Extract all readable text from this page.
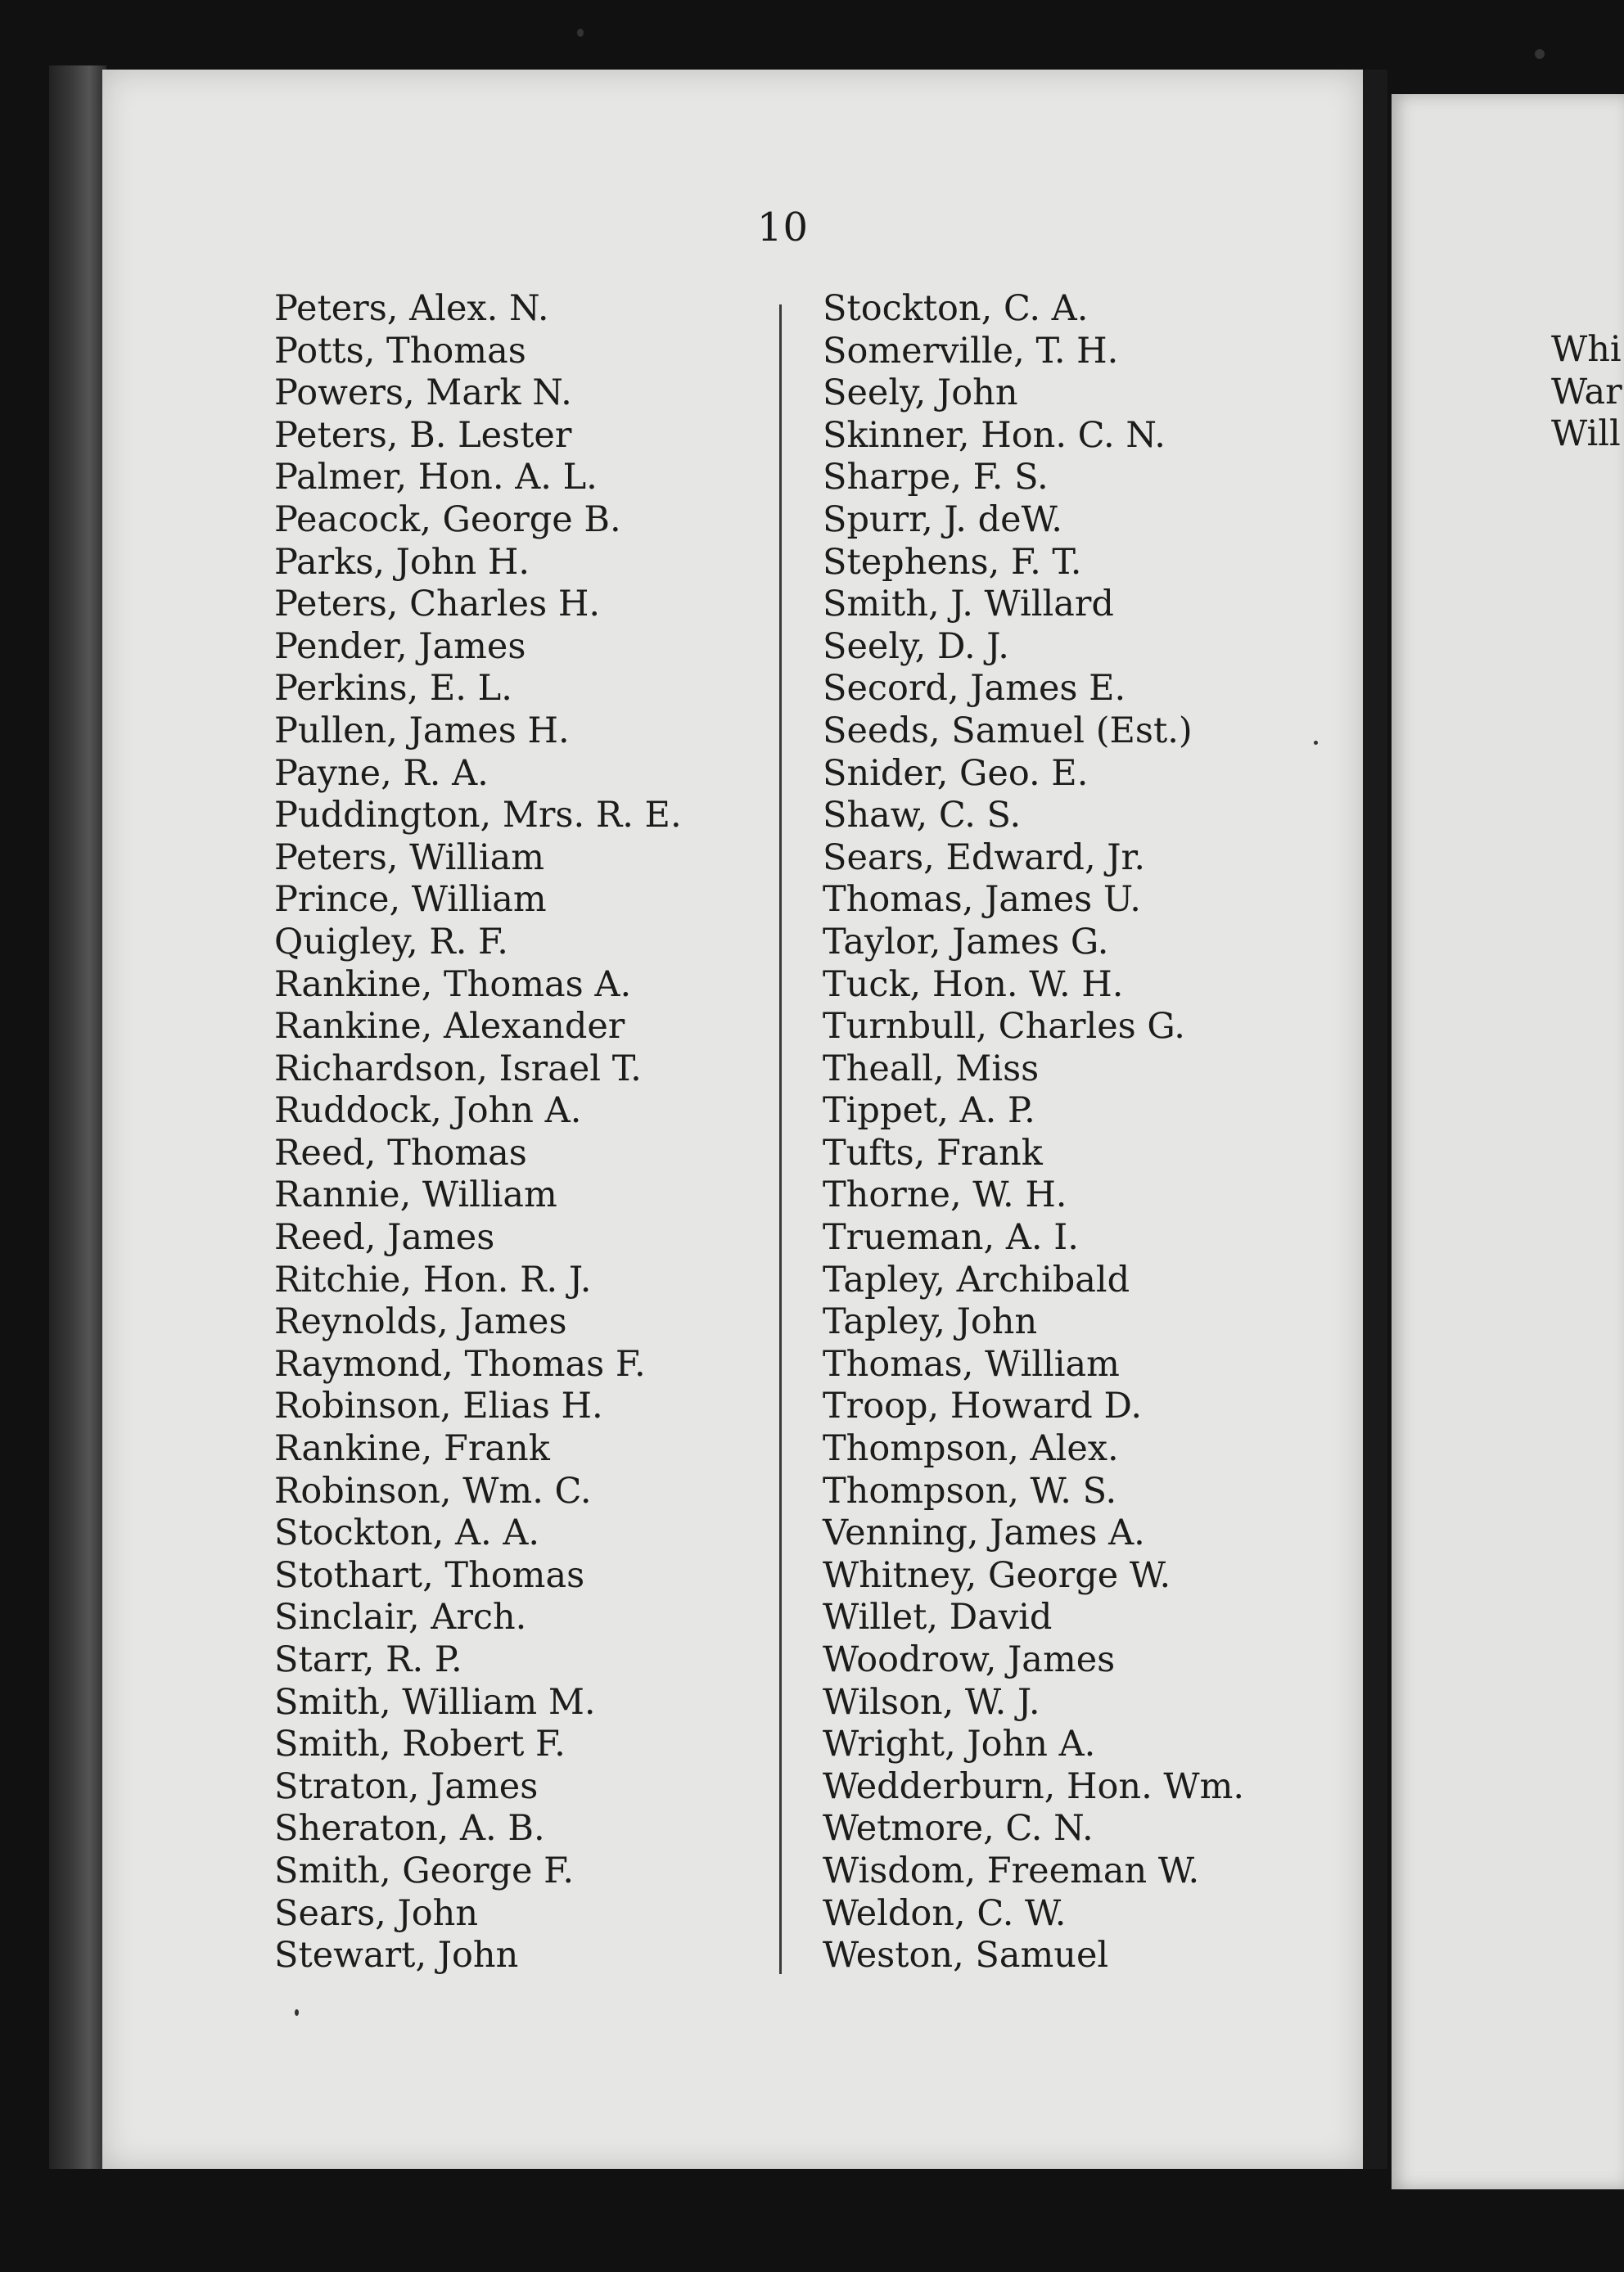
10
Peters, Alex. N.
Potts, Thomas
Powers, Mark N.
Peters, B. Lester
Palmer, Hon. A. L.
Peacock, George B.
Parks, John H.
Peters, Charles H.
Pender, James
Perkins, E. L.
Pullen, James H.
Payne, R. A.
Puddington, Mrs. R. E.
Peters, William
Prince, William
Quigley, R. F.
Rankine, Thomas A.
Rankine, Alexander
Richardson, Israel T.
Ruddock, John A.
Reed, Thomas
Rannie, William
Reed, James
Ritchie, Hon. R. J.
Reynolds, James
Raymond, Thomas F.
Robinson, Elias H.
Rankine, Frank
Robinson, Wm. C.
Stockton, A. A.
Stothart, Thomas
Sinclair, Arch.
Starr, R. P.
Smith, William M.
Smith, Robert F.
Straton, James
Sheraton, A. B.
Smith, George F.
Sears, John
Stewart, John
Stockton, C. A.
Somerville, T. H.
Seely, John
Skinner, Hon. C. N.
Sharpe, F. S.
Spurr, J. deW.
Stephens, F. T.
Smith, J. Willard
Seely, D. J.
Secord, James E.
Seeds, Samuel (Est.)
Snider, Geo. E.
Shaw, C. S.
Sears, Edward, Jr.
Thomas, James U.
Taylor, James G.
Tuck, Hon. W. H.
Turnbull, Charles G.
Theall, Miss
Tippet, A. P.
Tufts, Frank
Thorne, W. H.
Trueman, A. I.
Tapley, Archibald
Tapley, John
Thomas, William
Troop, Howard D.
Thompson, Alex.
Thompson, W. S.
Venning, James A.
Whitney, George W.
Willet, David
Woodrow, James
Wilson, W. J.
Wright, John A.
Wedderburn, Hon. Wm.
Wetmore, C. N.
Wisdom, Freeman W.
Weldon, C. W.
Weston, Samuel
Whi
War
Will
